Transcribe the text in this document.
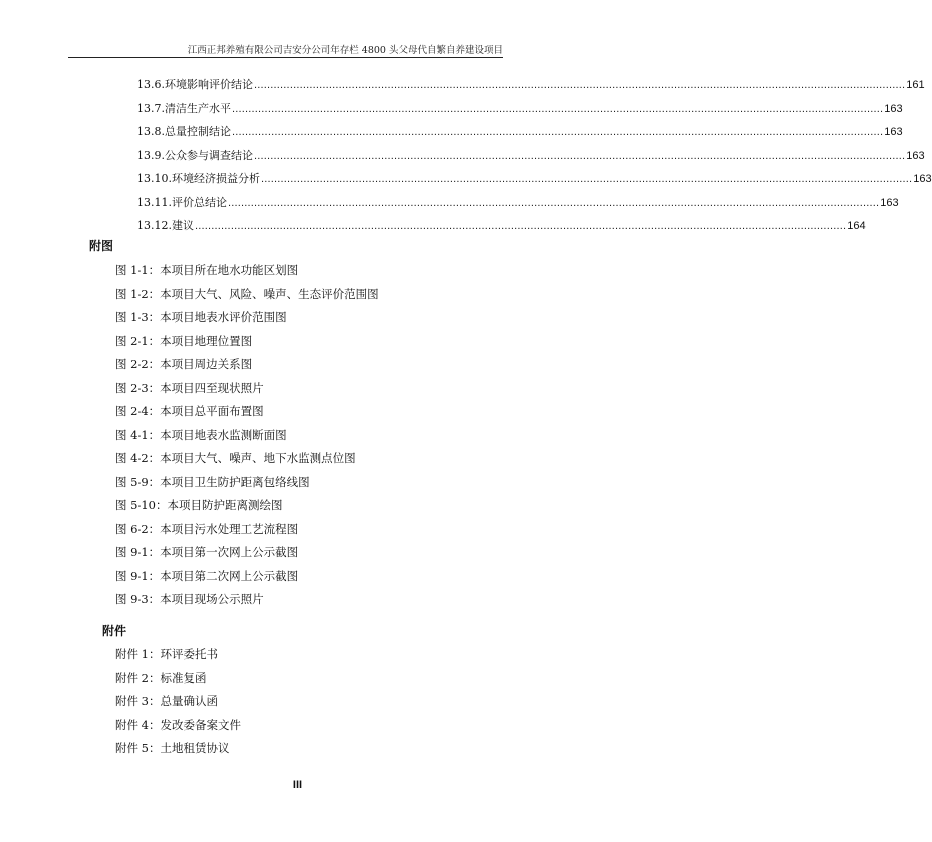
江西正邦养殖有限公司吉安分公司年存栏 4800 头父母代自繁自养建设项目
13.6.环境影响评价结论 ........................................................................................................................................................................................................ 161
13.7.清洁生产水平 ........................................................................................................................................................................................................ 163
13.8.总量控制结论 ........................................................................................................................................................................................................ 163
13.9.公众参与调查结论 ........................................................................................................................................................................................................ 163
13.10.环境经济损益分析 ........................................................................................................................................................................................................ 163
13.11.评价总结论 ........................................................................................................................................................................................................ 163
13.12.建议 ........................................................................................................................................................................................................ 164
附图
图 1-1：本项目所在地水功能区划图
图 1-2：本项目大气、风险、噪声、生态评价范围图
图 1-3：本项目地表水评价范围图
图 2-1：本项目地理位置图
图 2-2：本项目周边关系图
图 2-3：本项目四至现状照片
图 2-4：本项目总平面布置图
图 4-1：本项目地表水监测断面图
图 4-2：本项目大气、噪声、地下水监测点位图
图 5-9：本项目卫生防护距离包络线图
图 5-10：本项目防护距离测绘图
图 6-2：本项目污水处理工艺流程图
图 9-1：本项目第一次网上公示截图
图 9-1：本项目第二次网上公示截图
图 9-3：本项目现场公示照片
附件
附件 1：环评委托书
附件 2：标准复函
附件 3：总量确认函
附件 4：发改委备案文件
附件 5：土地租赁协议
III
